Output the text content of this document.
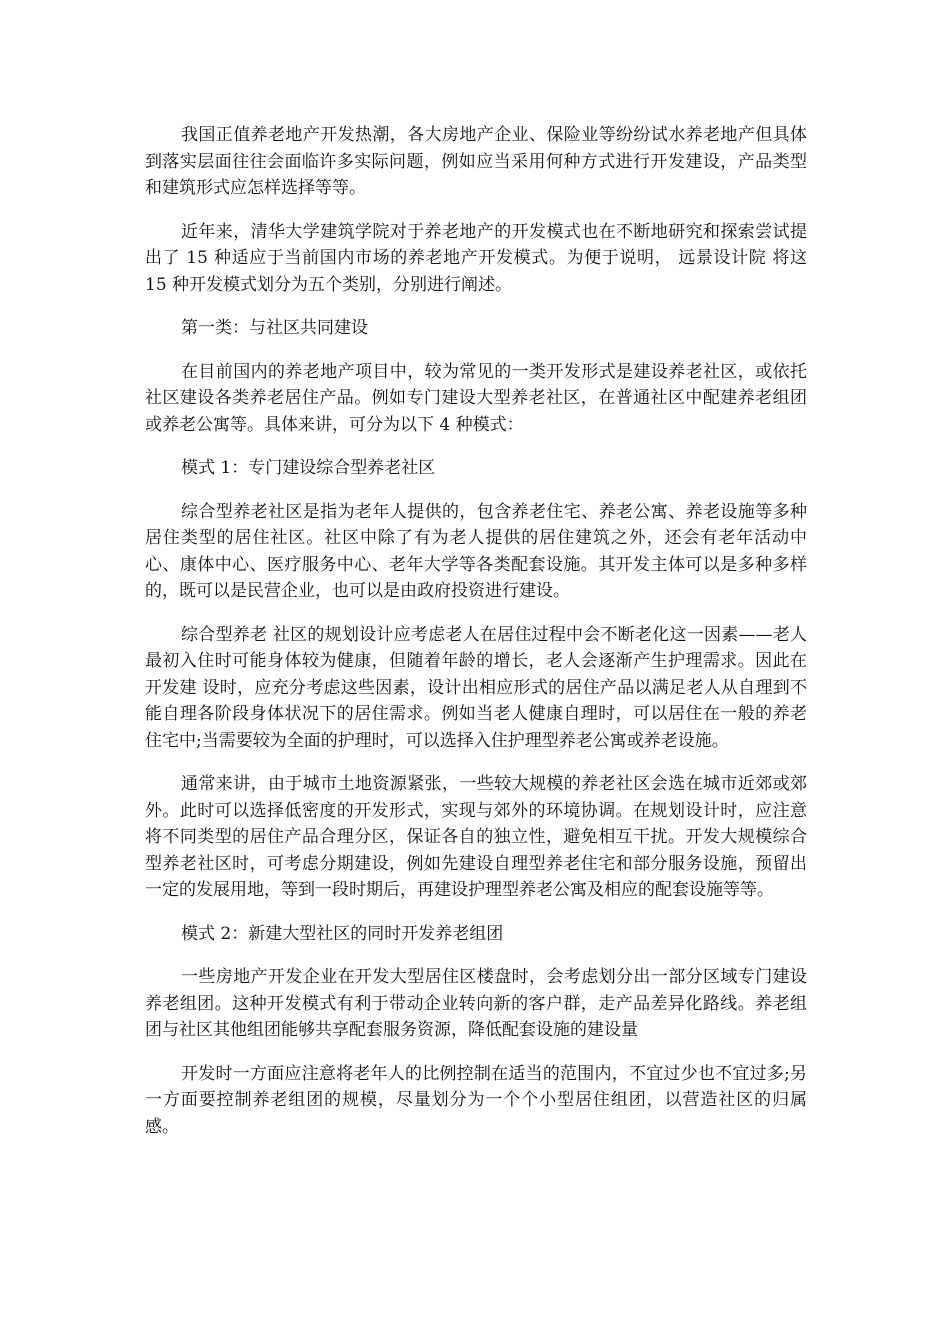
我国正值养老地产开发热潮，各大房地产企业、保险业等纷纷试水养老地产但具体到落实层面往往会面临许多实际问题，例如应当采用何种方式进行开发建设，产品类型和建筑形式应怎样选择等等。

近年来，清华大学建筑学院对于养老地产的开发模式也在不断地研究和探索尝试提出了 15 种适应于当前国内市场的养老地产开发模式。为便于说明， 远景设计院 将这 15 种开发模式划分为五个类别，分别进行阐述。

第一类：与社区共同建设

在目前国内的养老地产项目中，较为常见的一类开发形式是建设养老社区，或依托社区建设各类养老居住产品。例如专门建设大型养老社区，在普通社区中配建养老组团或养老公寓等。具体来讲，可分为以下 4 种模式：

模式 1：专门建设综合型养老社区

综合型养老社区是指为老年人提供的，包含养老住宅、养老公寓、养老设施等多种居住类型的居住社区。社区中除了有为老人提供的居住建筑之外，还会有老年活动中 心、康体中心、医疗服务中心、老年大学等各类配套设施。其开发主体可以是多种多样的，既可以是民营企业，也可以是由政府投资进行建设。

综合型养老 社区的规划设计应考虑老人在居住过程中会不断老化这一因素——老人最初入住时可能身体较为健康，但随着年龄的增长，老人会逐渐产生护理需求。因此在开发建 设时，应充分考虑这些因素，设计出相应形式的居住产品以满足老人从自理到不能自理各阶段身体状况下的居住需求。例如当老人健康自理时，可以居住在一般的养老住宅中;当需要较为全面的护理时，可以选择入住护理型养老公寓或养老设施。

通常来讲，由于城市土地资源紧张，一些较大规模的养老社区会选在城市近郊或郊外。此时可以选择低密度的开发形式，实现与郊外的环境协调。在规划设计时，应注意将不同类型的居住产品合理分区，保证各自的独立性，避免相互干扰。开发大规模综合型养老社区时，可考虑分期建设，例如先建设自理型养老住宅和部分服务设施，预留出一定的发展用地，等到一段时期后，再建设护理型养老公寓及相应的配套设施等等。

模式 2：新建大型社区的同时开发养老组团

一些房地产开发企业在开发大型居住区楼盘时，会考虑划分出一部分区域专门建设养老组团。这种开发模式有利于带动企业转向新的客户群，走产品差异化路线。养老组团与社区其他组团能够共享配套服务资源，降低配套设施的建设量

开发时一方面应注意将老年人的比例控制在适当的范围内，不宜过少也不宜过多;另一方面要控制养老组团的规模，尽量划分为一个个小型居住组团，以营造社区的归属感。
